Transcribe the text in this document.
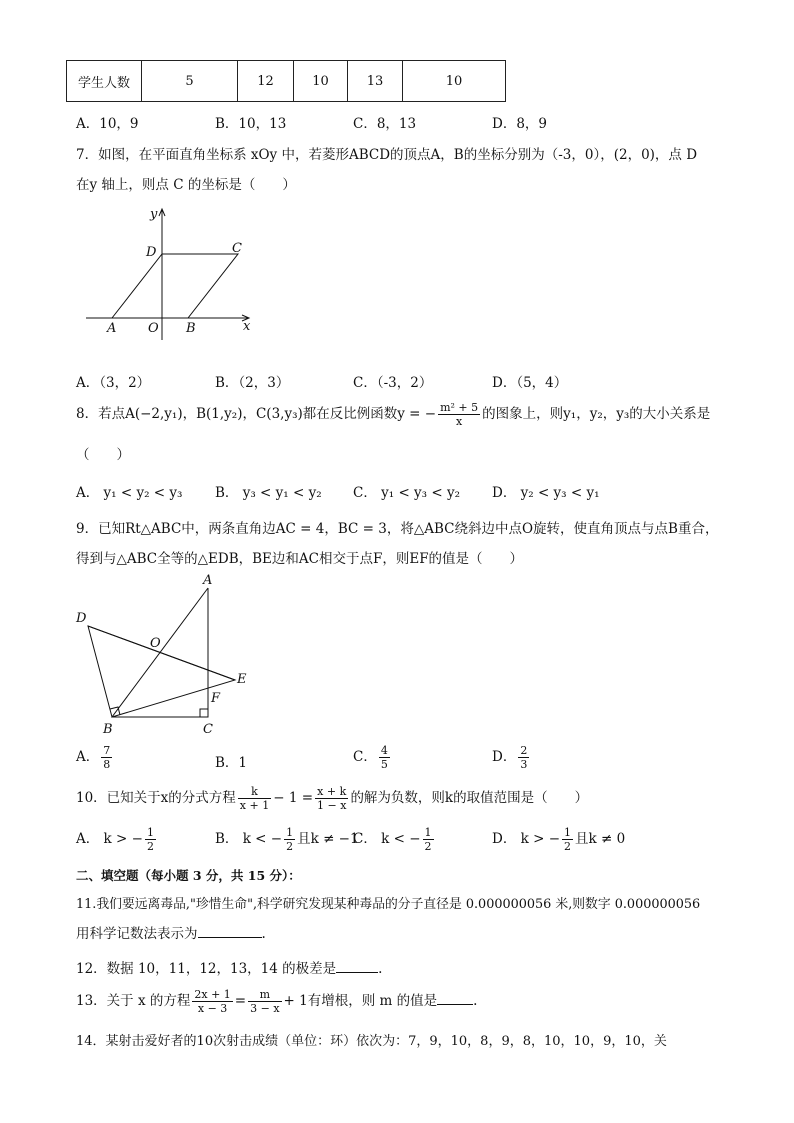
学生人数	5	12	10	13	10
A．10，9	B．10，13	C．8，13	D．8，9
7．如图，在平面直角坐标系 xOy 中，若菱形ABCD的顶点A，B的坐标分别为（-3，0），(2，0)，点 D
在y 轴上，则点 C 的坐标是（　　）
y
x
D	C
A O B
A．（3，2）	B．（2，3）	C．（-3，2）	D．（5，4）
8．若点A(−2,y₁)，B(1,y₂)，C(3,y₃)都在反比例函数y = − $\frac{\text{m² + 5}}{x}$ 的图象上，则y₁，y₂，y₃的大小关系是
（　　）
A． y₁ < y₂ < y₃ B． y₃ < y₁ < y₂ C． y₁ < y₃ < y₂ D． y₂ < y₃ < y₁
9．已知Rt△ABC中，两条直角边AC = 4，BC = 3，将△ABC绕斜边中点O旋转，使直角顶点与点B重合，
得到与△ABC全等的△EDB，BE边和AC相交于点F，则EF的值是（　　）
A
D
O
E
F
B	C
A． $\frac{7}{8}$	B．1	C． $\frac{4}{5}$	D． $\frac{2}{3}$
10．已知关于x的分式方程 $\frac{k}{x + 1} - 1 = \frac{x + k}{1 - x}$ 的解为负数，则k的取值范围是（　　）
A． k > − $\frac{1}{2}$	B． k < − $\frac{1}{2}$ 且k ≠ −1
C． k < − $\frac{1}{2}$	D． k > − $\frac{1}{2}$ 且k ≠ 0
二、填空题（每小题 3 分，共 15 分）：
11.我们要远离毒品,"珍惜生命",科学研究发现某种毒品的分子直径是 0.000000056 米,则数字 0.000000056
用科学记数法表示为	.
12．数据 10，11，12，13，14 的极差是	.
13．关于 x 的方程 $\frac{2x + 1}{x - 3} = \frac{m}{3 - x} + 1$有增根，则 m 的值是	.
14．某射击爱好者的10次射击成绩（单位：环）依次为：7，9，10，8，9，8，10，10，9，10，关
